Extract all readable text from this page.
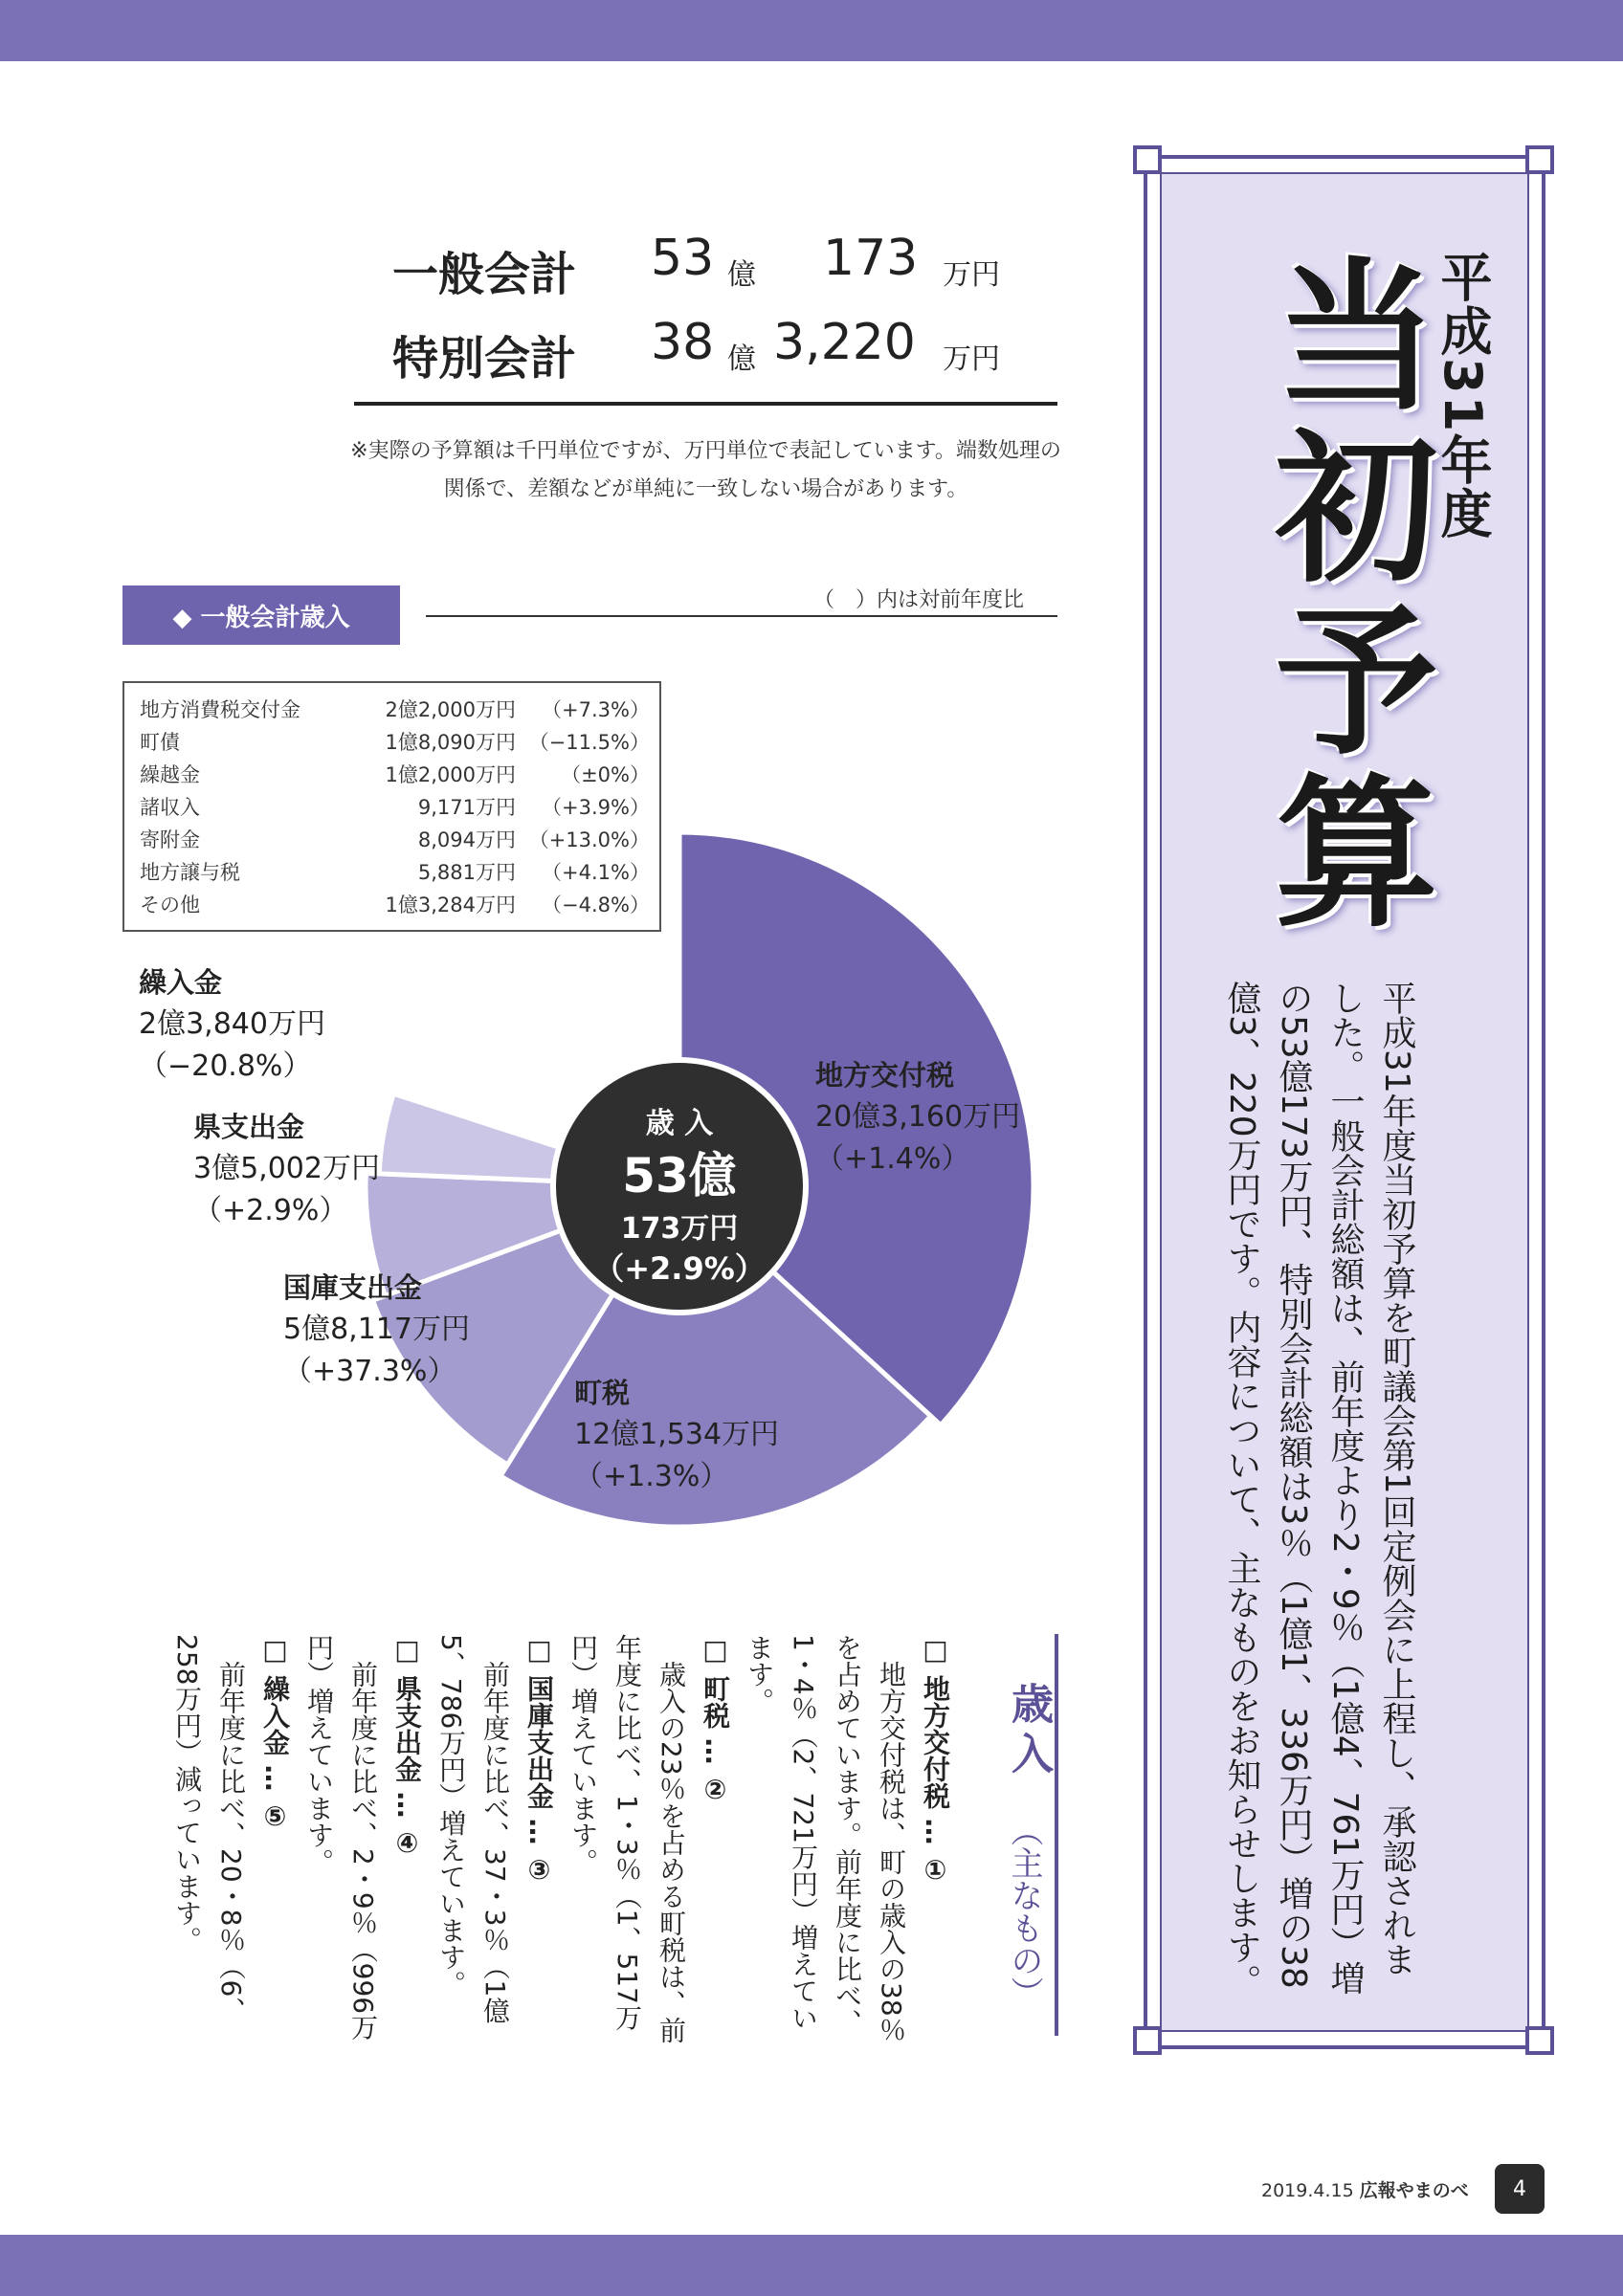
一般会計 53 億 173 万円
特別会計 38 億 3,220 万円
※実際の予算額は千円単位ですが、万円単位で表記しています。端数処理の関係で、差額などが単純に一致しない場合があります。
◆ 一般会計歳入
（　）内は対前年度比
地方消費税交付金	2億2,000万円 （+7.3%）
町債	1億8,090万円 （−11.5%）
繰越金	1億2,000万円 （±0%）
諸収入	9,171万円 （+3.9%）
寄附金	8,094万円 （+13.0%）
地方譲与税	5,881万円 （+4.1%）
その他	1億3,284万円 （−4.8%）
地方交付税
20億3,160万円
（+1.4%）
町税
12億1,534万円
（+1.3%）
国庫支出金
5億8,117万円
（+37.3%）
県支出金
3億5,002万円
（+2.9%）
繰入金
2億3,840万円
（−20.8%）
歳 入
53億
173万円
（+2.9%）
平成31年度
当初予算
平成31年度当初予算を町議会第1回定例会に上程し、承認されました。一般会計総額は、前年度より2・9％（1億4、761万円）増の53億173万円、特別会計総額は3％（1億1、336万円）増の38億3、220万円です。内容について、主なものをお知らせします。
歳入
（主なもの）

□ 地方交付税 … ①

地方交付税は、町の歳入の38％を占めています。前年度に比べ、1・4％（2、721万円）増えています。

□ 町税 … ②

歳入の23％を占める町税は、前年度に比べ、1・3％（1、517万円）増えています。

□ 国庫支出金 … ③

前年度に比べ、37・3％（1億5、786万円）増えています。

□ 県支出金 … ④

前年度に比べ、2・9％（996万円）増えています。

□ 繰入金 … ⑤

前年度に比べ、20・8％（6、258万円）減っています。

2019.4.15 広報やまのべ	4
